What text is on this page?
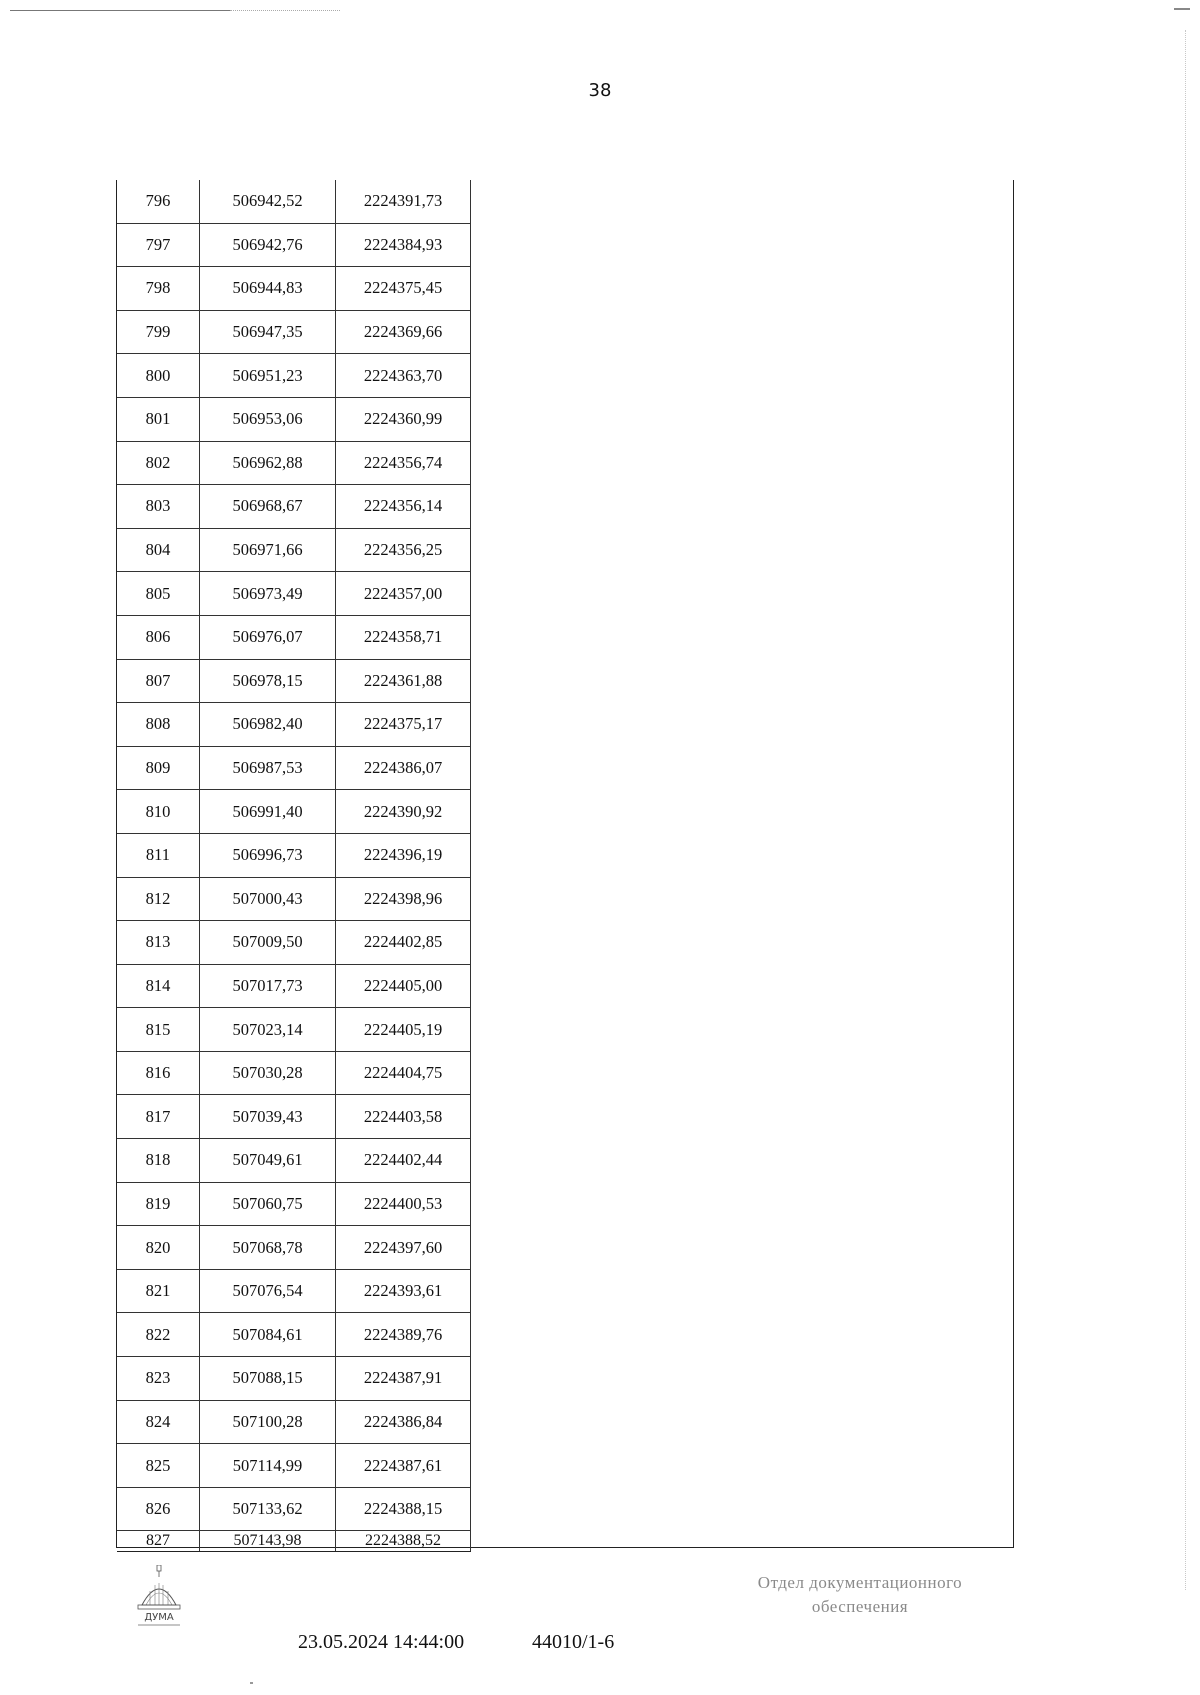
38
796	506942,52	2224391,73
797	506942,76	2224384,93
798	506944,83	2224375,45
799	506947,35	2224369,66
800	506951,23	2224363,70
801	506953,06	2224360,99
802	506962,88	2224356,74
803	506968,67	2224356,14
804	506971,66	2224356,25
805	506973,49	2224357,00
806	506976,07	2224358,71
807	506978,15	2224361,88
808	506982,40	2224375,17
809	506987,53	2224386,07
810	506991,40	2224390,92
811	506996,73	2224396,19
812	507000,43	2224398,96
813	507009,50	2224402,85
814	507017,73	2224405,00
815	507023,14	2224405,19
816	507030,28	2224404,75
817	507039,43	2224403,58
818	507049,61	2224402,44
819	507060,75	2224400,53
820	507068,78	2224397,60
821	507076,54	2224393,61
822	507084,61	2224389,76
823	507088,15	2224387,91
824	507100,28	2224386,84
825	507114,99	2224387,61
826	507133,62	2224388,15
827	507143,98	2224388,52
ДУМА
23.05.2024 14:44:00	44010/1-6
Отдел документационного
обеспечения
